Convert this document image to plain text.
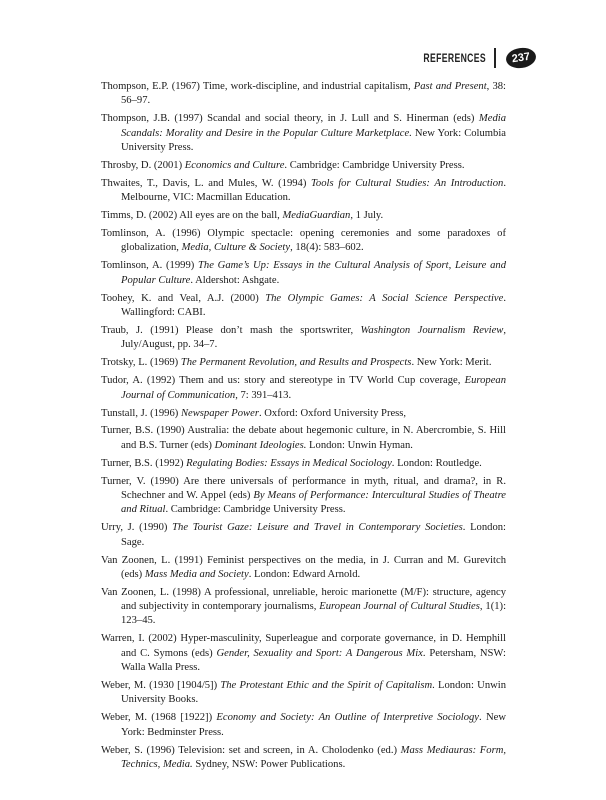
REFERENCES	237

Thompson, E.P. (1967) Time, work-discipline, and industrial capitalism, Past and Present, 38: 56–97.

Thompson, J.B. (1997) Scandal and social theory, in J. Lull and S. Hinerman (eds) Media Scandals: Morality and Desire in the Popular Culture Marketplace. New York: Columbia University Press.

Throsby, D. (2001) Economics and Culture. Cambridge: Cambridge University Press.

Thwaites, T., Davis, L. and Mules, W. (1994) Tools for Cultural Studies: An Introduction. Melbourne, VIC: Macmillan Education.

Timms, D. (2002) All eyes are on the ball, MediaGuardian, 1 July.

Tomlinson, A. (1996) Olympic spectacle: opening ceremonies and some paradoxes of globalization, Media, Culture & Society, 18(4): 583–602.

Tomlinson, A. (1999) The Game’s Up: Essays in the Cultural Analysis of Sport, Leisure and Popular Culture. Aldershot: Ashgate.

Toohey, K. and Veal, A.J. (2000) The Olympic Games: A Social Science Perspective. Wallingford: CABI.

Traub, J. (1991) Please don’t mash the sportswriter, Washington Journalism Review, July/August, pp. 34–7.

Trotsky, L. (1969) The Permanent Revolution, and Results and Prospects. New York: Merit.

Tudor, A. (1992) Them and us: story and stereotype in TV World Cup coverage, European Journal of Communication, 7: 391–413.

Tunstall, J. (1996) Newspaper Power. Oxford: Oxford University Press,

Turner, B.S. (1990) Australia: the debate about hegemonic culture, in N. Abercrombie, S. Hill and B.S. Turner (eds) Dominant Ideologies. London: Unwin Hyman.

Turner, B.S. (1992) Regulating Bodies: Essays in Medical Sociology. London: Routledge.

Turner, V. (1990) Are there universals of performance in myth, ritual, and drama?, in R. Schechner and W. Appel (eds) By Means of Performance: Intercultural Studies of Theatre and Ritual. Cambridge: Cambridge University Press.

Urry, J. (1990) The Tourist Gaze: Leisure and Travel in Contemporary Societies. London: Sage.

Van Zoonen, L. (1991) Feminist perspectives on the media, in J. Curran and M. Gurevitch (eds) Mass Media and Society. London: Edward Arnold.

Van Zoonen, L. (1998) A professional, unreliable, heroic marionette (M/F): structure, agency and subjectivity in contemporary journalisms, European Journal of Cultural Studies, 1(1): 123–45.

Warren, I. (2002) Hyper-masculinity, Superleague and corporate governance, in D. Hemphill and C. Symons (eds) Gender, Sexuality and Sport: A Dangerous Mix. Petersham, NSW: Walla Walla Press.

Weber, M. (1930 [1904/5]) The Protestant Ethic and the Spirit of Capitalism. London: Unwin University Books.

Weber, M. (1968 [1922]) Economy and Society: An Outline of Interpretive Sociology. New York: Bedminster Press.

Weber, S. (1996) Television: set and screen, in A. Cholodenko (ed.) Mass Mediauras: Form, Technics, Media. Sydney, NSW: Power Publications.
